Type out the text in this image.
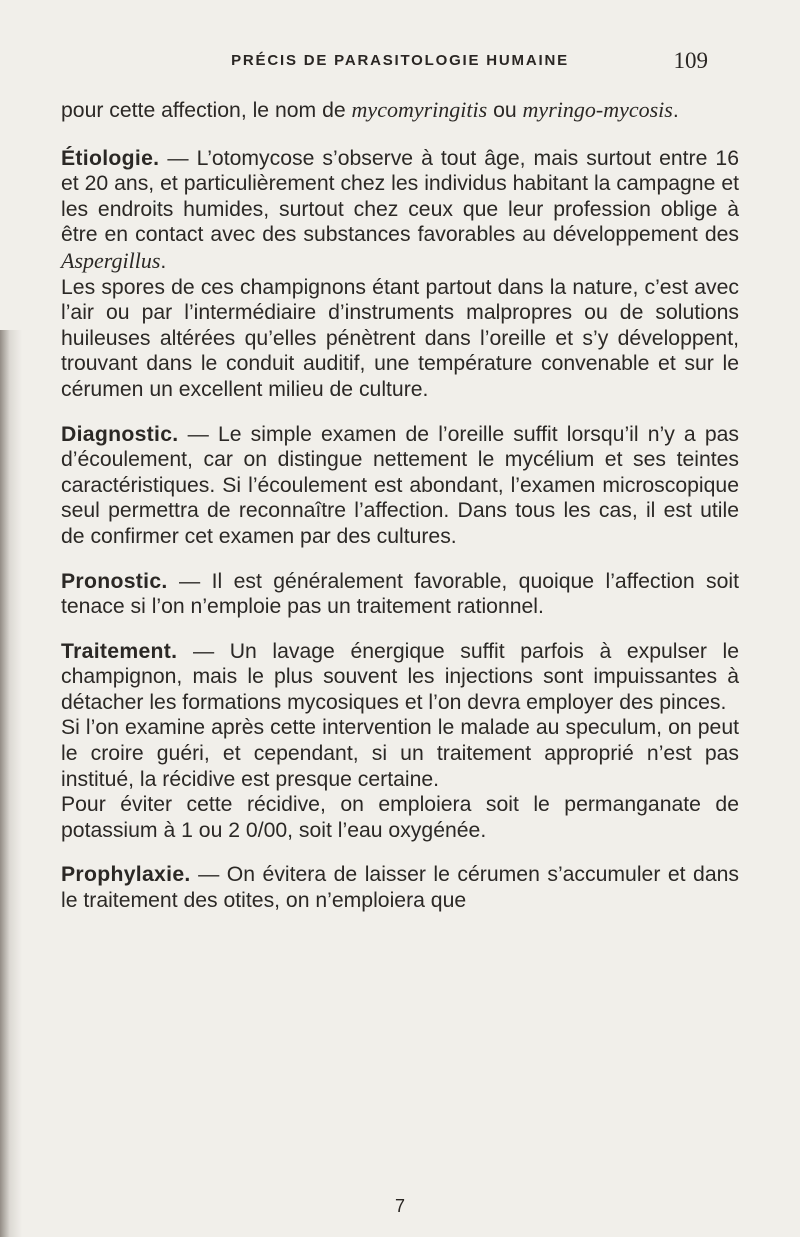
PRÉCIS DE PARASITOLOGIE HUMAINE	109

pour cette affection, le nom de mycomyringitis ou myringo-mycosis.

Étiologie. — L’otomycose s’observe à tout âge, mais surtout entre 16 et 20 ans, et particulièrement chez les individus habitant la campagne et les endroits humides, surtout chez ceux que leur profession oblige à être en contact avec des substances favorables au développement des Aspergillus.

Les spores de ces champignons étant partout dans la nature, c’est avec l’air ou par l’intermédiaire d’instruments malpropres ou de solutions huileuses altérées qu’elles pénètrent dans l’oreille et s’y développent, trouvant dans le conduit auditif, une température convenable et sur le cérumen un excellent milieu de culture.

Diagnostic. — Le simple examen de l’oreille suffit lorsqu’il n’y a pas d’écoulement, car on distingue nettement le mycélium et ses teintes caractéristiques. Si l’écoulement est abondant, l’examen microscopique seul permettra de reconnaître l’affection. Dans tous les cas, il est utile de confirmer cet examen par des cultures.

Pronostic. — Il est généralement favorable, quoique l’affection soit tenace si l’on n’emploie pas un traitement rationnel.

Traitement. — Un lavage énergique suffit parfois à expulser le champignon, mais le plus souvent les injections sont impuissantes à détacher les formations mycosiques et l’on devra employer des pinces.

Si l’on examine après cette intervention le malade au speculum, on peut le croire guéri, et cependant, si un traitement approprié n’est pas institué, la récidive est presque certaine.

Pour éviter cette récidive, on emploiera soit le permanganate de potassium à 1 ou 2 0/00, soit l’eau oxygénée.

Prophylaxie. — On évitera de laisser le cérumen s’accumuler et dans le traitement des otites, on n’emploiera que

7
